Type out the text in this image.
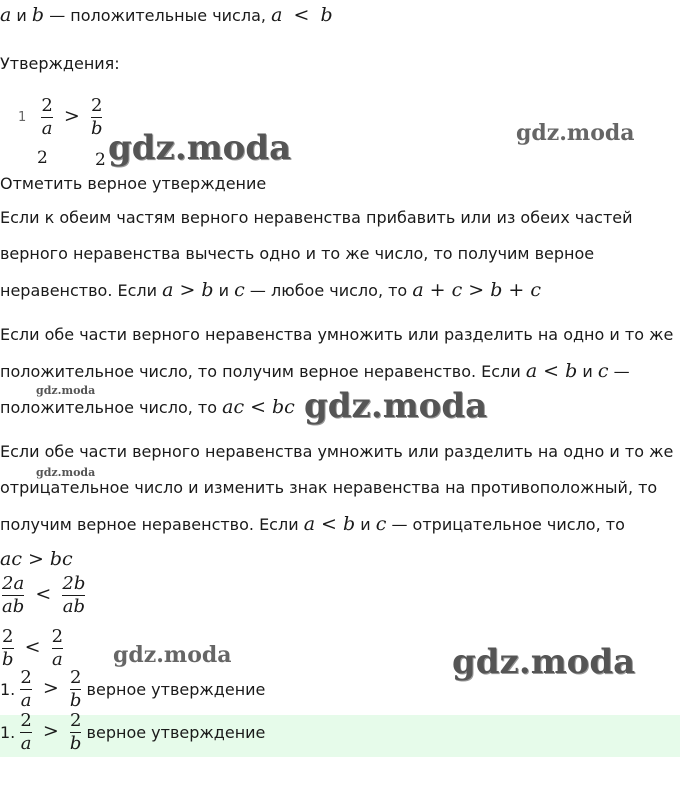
a и b — положительные числа, a < b
Утверждения:
$1 \frac{2}{a} > \frac{2}{b}$
2	2 gdz.moda	gdz.moda
gdz.moda	gdz.moda
gdz.moda
gdz.moda	gdz.moda
Отметить верное утверждение
Если к обеим частям верного неравенства прибавить или из обеих частей
верного неравенства вычесть одно и то же число, то получим верное
неравенство. Если a > b и c — любое число, то a + c > b + c
Если обе части верного неравенства умножить или разделить на одно и то же
положительное число, то получим верное неравенство. Если a < b и c —
положительное число, то ac < bc
Если обе части верного неравенства умножить или разделить на одно и то же
отрицательное число и изменить знак неравенства на противоположный, то
получим верное неравенство. Если a < b и c — отрицательное число, то
ac > bc
$\frac{2a}{ab} < \frac{2b}{ab}$
$\frac{2}{b} < \frac{2}{a}$
1. $\frac{2}{a} > \frac{2}{b}$ верное утверждение
1. $\frac{2}{a} > \frac{2}{b}$ верное утверждение
